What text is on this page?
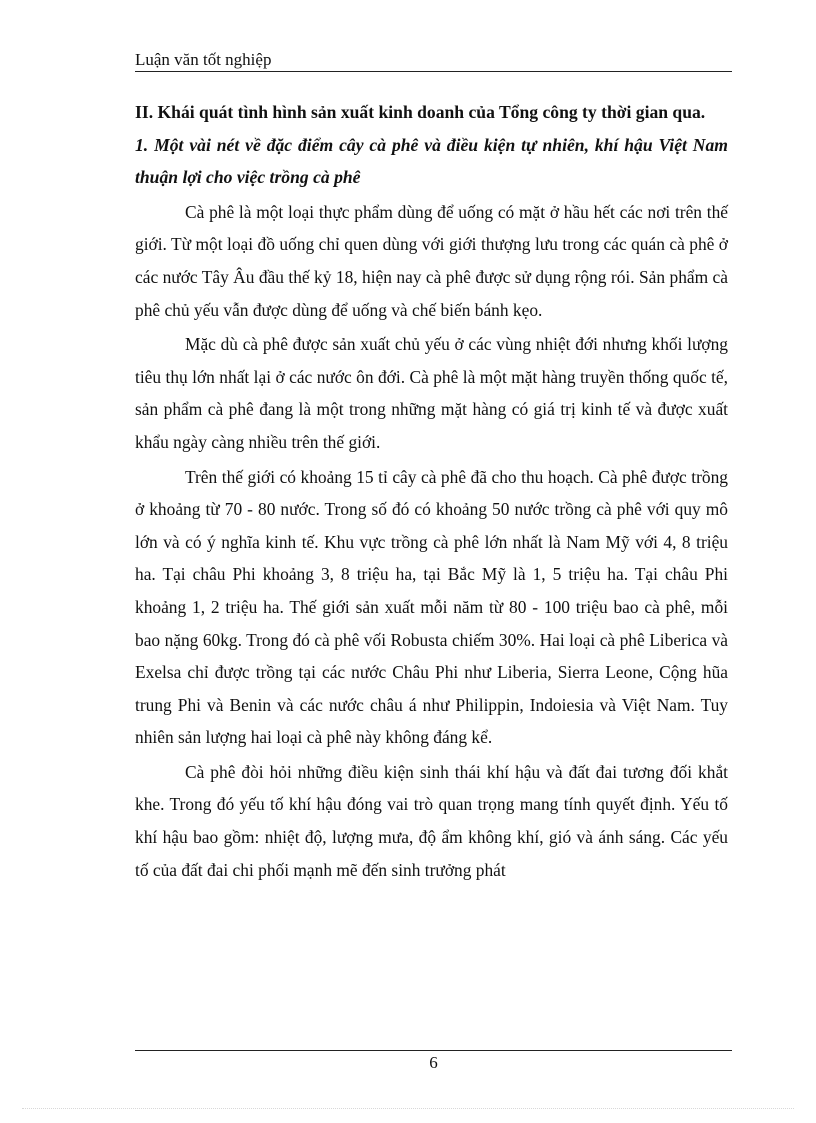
Luận văn tốt nghiệp

II. Khái quát tình hình sản xuất kinh doanh của Tổng công ty thời gian qua.

1. Một vài nét về đặc điểm cây cà phê và điều kiện tự nhiên, khí hậu Việt Nam thuận lợi cho việc trồng cà phê

Cà phê là một loại thực phẩm dùng để uống có mặt ở hầu hết các nơi trên thế giới. Từ một loại đồ uống chỉ quen dùng với giới thượng lưu trong các quán cà phê ở các nước Tây Âu đầu thế kỷ 18, hiện nay cà phê được sử dụng rộng rói. Sản phẩm cà phê chủ yếu vẫn được dùng để uống và chế biến bánh kẹo.

Mặc dù cà phê được sản xuất chủ yếu ở các vùng nhiệt đới nhưng khối lượng tiêu thụ lớn nhất lại ở các nước ôn đới. Cà phê là một mặt hàng truyền thống quốc tế, sản phẩm cà phê đang là một trong những mặt hàng có giá trị kinh tế và được xuất khẩu ngày càng nhiều trên thế giới.

Trên thế giới có khoảng 15 tỉ cây cà phê đã cho thu hoạch. Cà phê được trồng ở khoảng từ 70 - 80 nước. Trong số đó có khoảng 50 nước trồng cà phê với quy mô lớn và có ý nghĩa kinh tế. Khu vực trồng cà phê lớn nhất là Nam Mỹ với 4, 8 triệu ha. Tại châu Phi khoảng 3, 8 triệu ha, tại Bắc Mỹ là 1, 5 triệu ha. Tại châu Phi khoảng 1, 2 triệu ha. Thế giới sản xuất mỗi năm từ 80 - 100 triệu bao cà phê, mỗi bao nặng 60kg. Trong đó cà phê vối Robusta chiếm 30%. Hai loại cà phê Liberica và Exelsa chỉ được trồng tại các nước Châu Phi như Liberia, Sierra Leone, Cộng hũa trung Phi và Benin và các nước châu á như Philippin, Indoiesia và Việt Nam. Tuy nhiên sản lượng hai loại cà phê này không đáng kể.

Cà phê đòi hỏi những điều kiện sinh thái khí hậu và đất đai tương đối khắt khe. Trong đó yếu tố khí hậu đóng vai trò quan trọng mang tính quyết định. Yếu tố khí hậu bao gồm: nhiệt độ, lượng mưa, độ ẩm không khí, gió và ánh sáng. Các yếu tố của đất đai chi phối mạnh mẽ đến sinh trưởng phát

6
